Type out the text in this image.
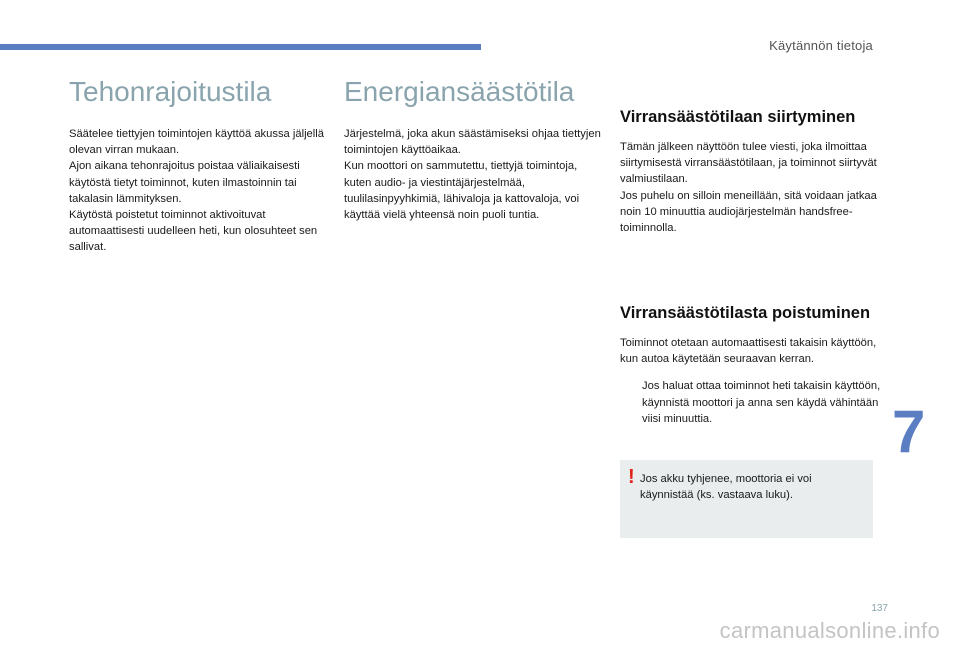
Käytännön tietoja
Tehonrajoitustila

Säätelee tiettyjen toimintojen käyttöä akussa jäljellä olevan virran mukaan.
Ajon aikana tehonrajoitus poistaa väliaikaisesti käytöstä tietyt toiminnot, kuten ilmastoinnin tai takalasin lämmityksen.
Käytöstä poistetut toiminnot aktivoituvat automaattisesti uudelleen heti, kun olosuhteet sen sallivat.

Energiansäästötila

Järjestelmä, joka akun säästämiseksi ohjaa tiettyjen toimintojen käyttöaikaa.
Kun moottori on sammutettu, tiettyjä toimintoja, kuten audio- ja viestintäjärjestelmää, tuulilasinpyyhkimiä, lähivaloja ja kattovaloja, voi käyttää vielä yhteensä noin puoli tuntia.

Virransäästötilaan siirtyminen

Tämän jälkeen näyttöön tulee viesti, joka ilmoittaa siirtymisestä virransäästötilaan, ja toiminnot siirtyvät valmiustilaan.
Jos puhelu on silloin meneillään, sitä voidaan jatkaa noin 10 minuuttia audiojärjestelmän handsfree-toiminnolla.

Virransäästötilasta poistuminen

Toiminnot otetaan automaattisesti takaisin käyttöön, kun autoa käytetään seuraavan kerran.

Jos haluat ottaa toiminnot heti takaisin käyttöön, käynnistä moottori ja anna sen käydä vähintään viisi minuuttia.
! Jos akku tyhjenee, moottoria ei voi käynnistää (ks. vastaava luku).
7
137
carmanualsonline.info
